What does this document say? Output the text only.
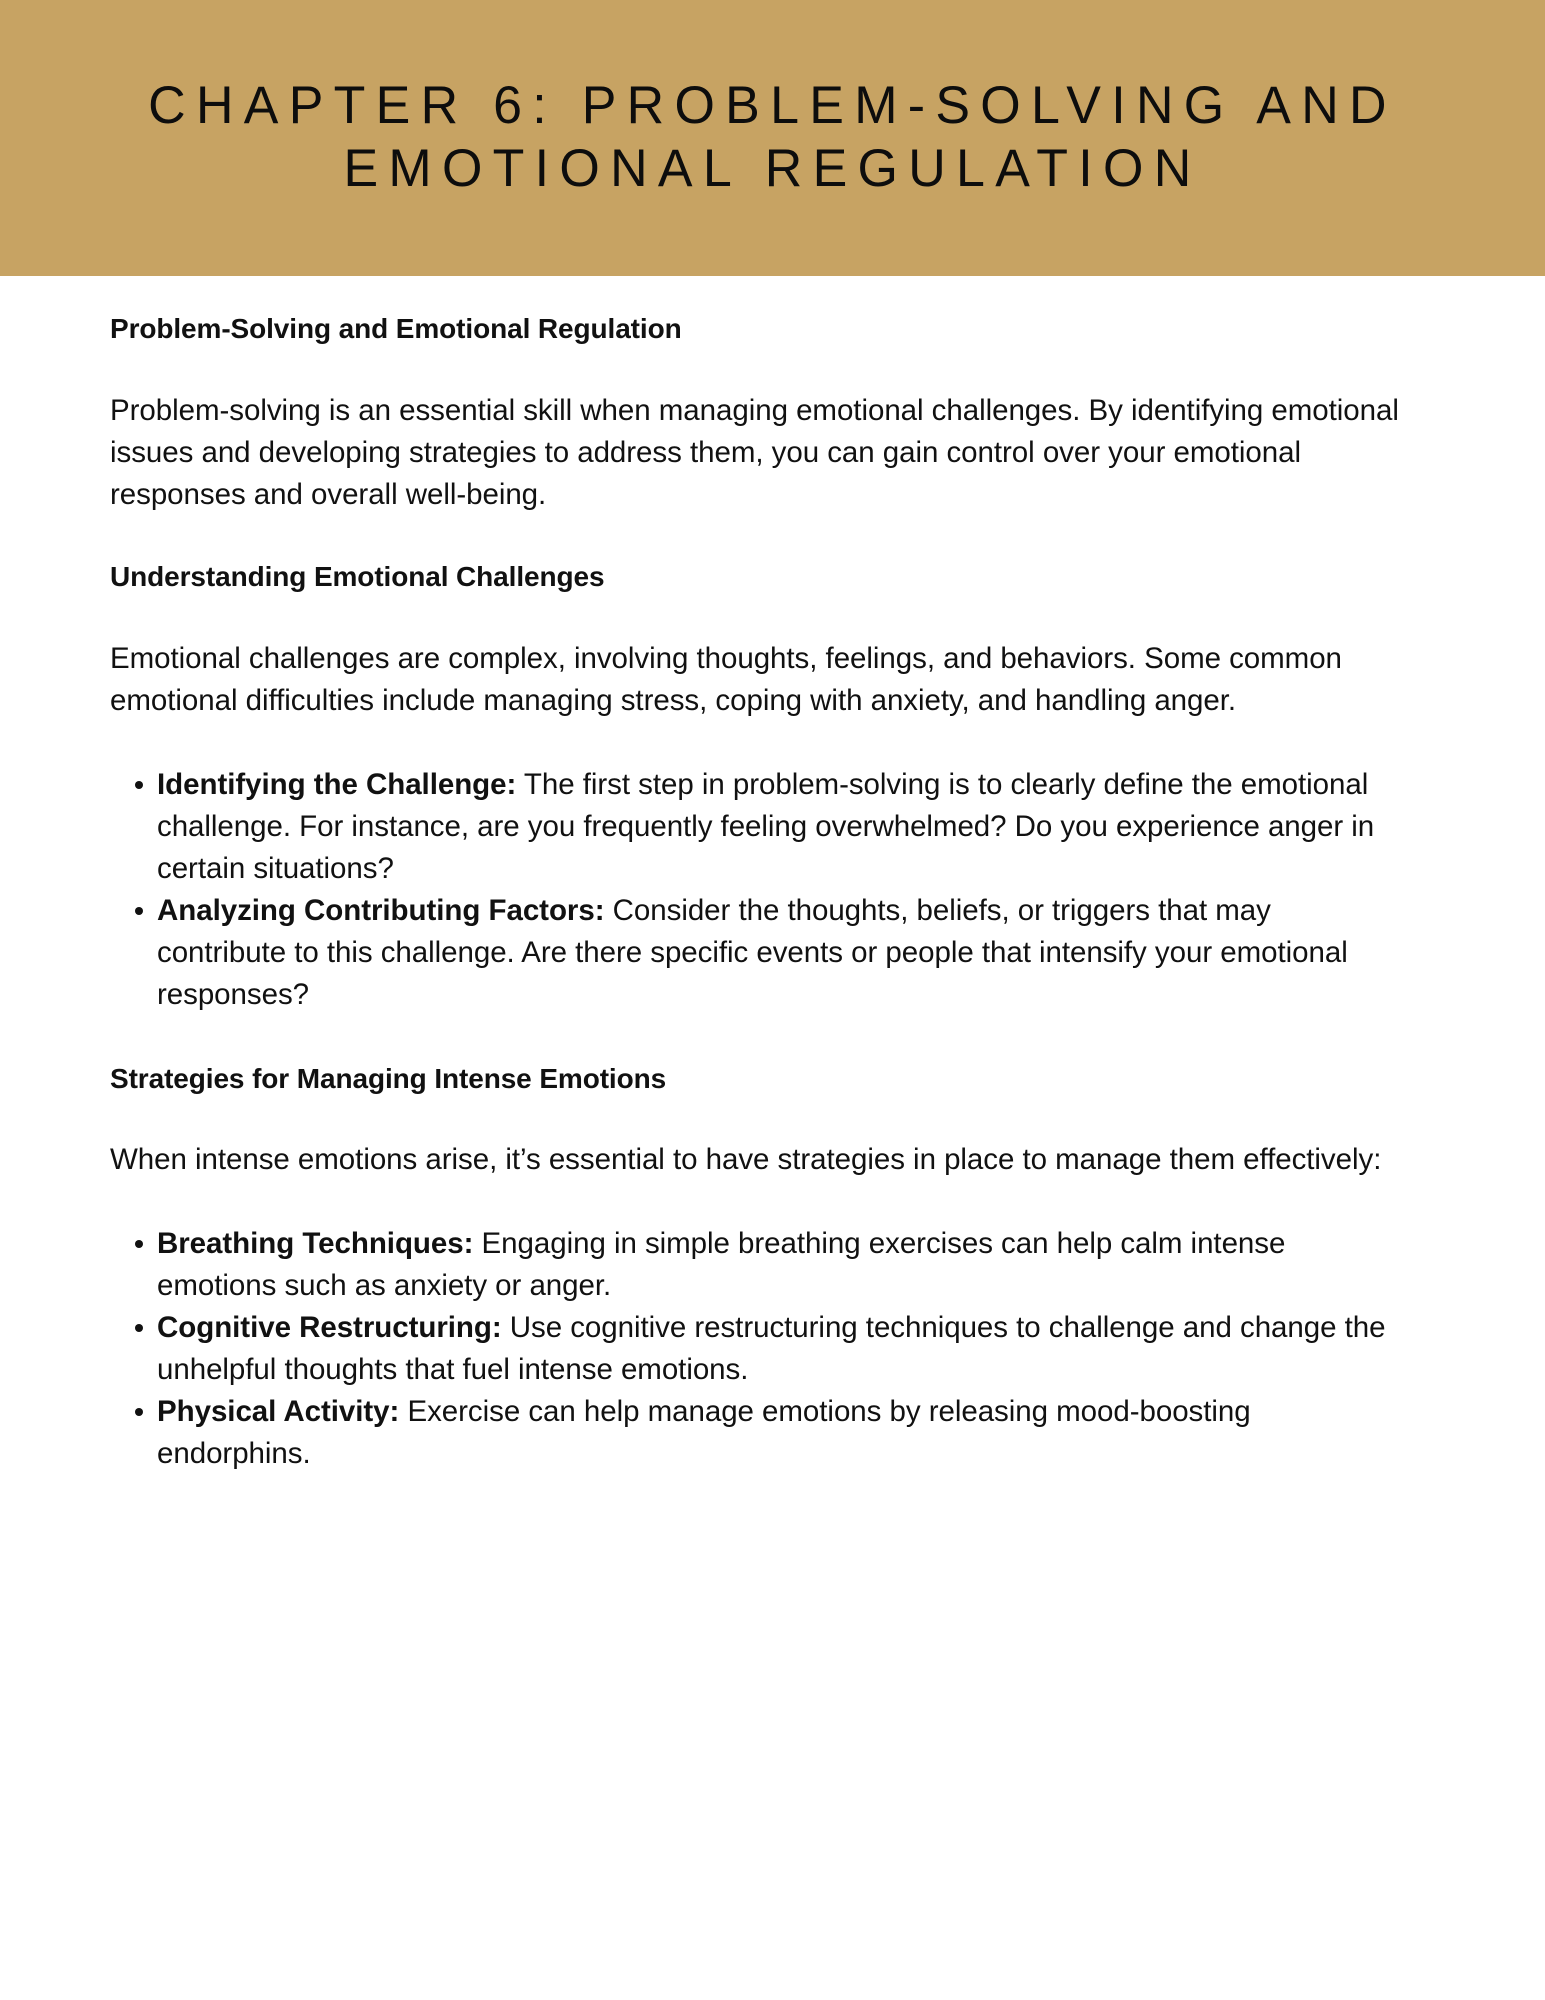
CHAPTER 6: PROBLEM-SOLVING AND EMOTIONAL REGULATION
Problem-Solving and Emotional Regulation

Problem-solving is an essential skill when managing emotional challenges. By identifying emotional issues and developing strategies to address them, you can gain control over your emotional responses and overall well-being.

Understanding Emotional Challenges

Emotional challenges are complex, involving thoughts, feelings, and behaviors. Some common emotional difficulties include managing stress, coping with anxiety, and handling anger.

Identifying the Challenge: The first step in problem-solving is to clearly define the emotional challenge. For instance, are you frequently feeling overwhelmed? Do you experience anger in certain situations?
Analyzing Contributing Factors: Consider the thoughts, beliefs, or triggers that may contribute to this challenge. Are there specific events or people that intensify your emotional responses?
Strategies for Managing Intense Emotions

When intense emotions arise, it’s essential to have strategies in place to manage them effectively:

Breathing Techniques: Engaging in simple breathing exercises can help calm intense emotions such as anxiety or anger.
Cognitive Restructuring: Use cognitive restructuring techniques to challenge and change the unhelpful thoughts that fuel intense emotions.
Physical Activity: Exercise can help manage emotions by releasing mood-boosting endorphins.
